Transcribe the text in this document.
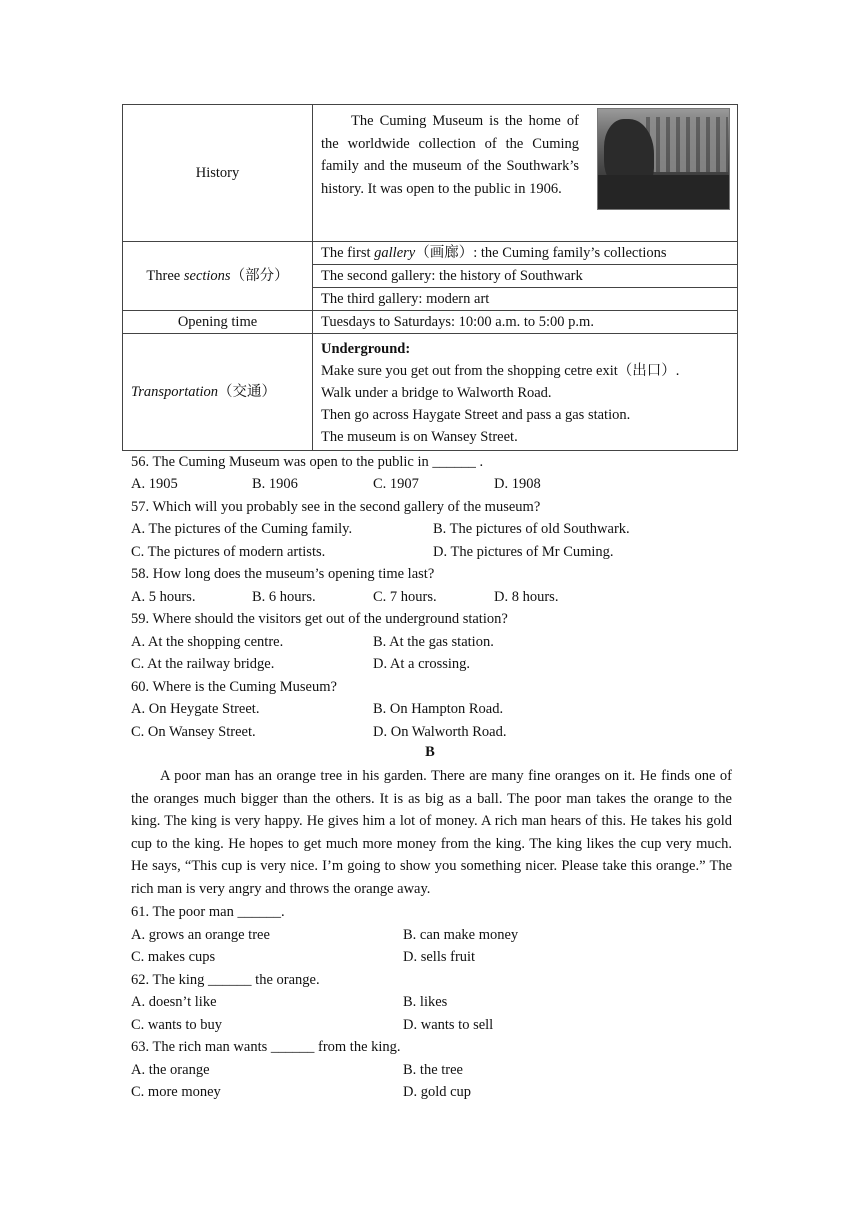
History	The Cuming Museum is the home of the worldwide collection of the Cuming family and the museum of the Southwark’s history. It was open to the public in 1906.

Three sections（部分）	The first gallery（画廊）: the Cuming family’s collections
	The second gallery: the history of Southwark
	The third gallery: modern art
Opening time	Tuesdays to Saturdays: 10:00 a.m. to 5:00 p.m.
Transportation（交通）	Underground:
Make sure you get out from the shopping cetre exit（出口）.
Walk under a bridge to Walworth Road.
Then go across Haygate Street and pass a gas station.
The museum is on Wansey Street.
56. The Cuming Museum was open to the public in ______ .
A. 1905	B. 1906	C. 1907	D. 1908
57. Which will you probably see in the second gallery of the museum?
A. The pictures of the Cuming family.	B. The pictures of old Southwark.
C. The pictures of modern artists.	D. The pictures of Mr Cuming.
58. How long does the museum’s opening time last?
A. 5 hours.	B. 6 hours.	C. 7 hours.	D. 8 hours.
59. Where should the visitors get out of the underground station?
A. At the shopping centre.	B. At the gas station.
C. At the railway bridge.	D. At a crossing.
60. Where is the Cuming Museum?
A. On Heygate Street.	B. On Hampton Road.
C. On Wansey Street.	D. On Walworth Road.
B
A poor man has an orange tree in his garden. There are many fine oranges on it. He finds one of the oranges much bigger than the others. It is as big as a ball. The poor man takes the orange to the king. The king is very happy. He gives him a lot of money. A rich man hears of this. He takes his gold cup to the king. He hopes to get much more money from the king. The king likes the cup very much. He says, “This cup is very nice. I’m going to show you something nicer. Please take this orange.” The rich man is very angry and throws the orange away.
61. The poor man ______.
A. grows an orange tree	B. can make money
C. makes cups	D. sells fruit
62. The king ______ the orange.
A. doesn’t like	B. likes
C. wants to buy	D. wants to sell
63. The rich man wants ______ from the king.
A. the orange	B. the tree
C. more money	D. gold cup
